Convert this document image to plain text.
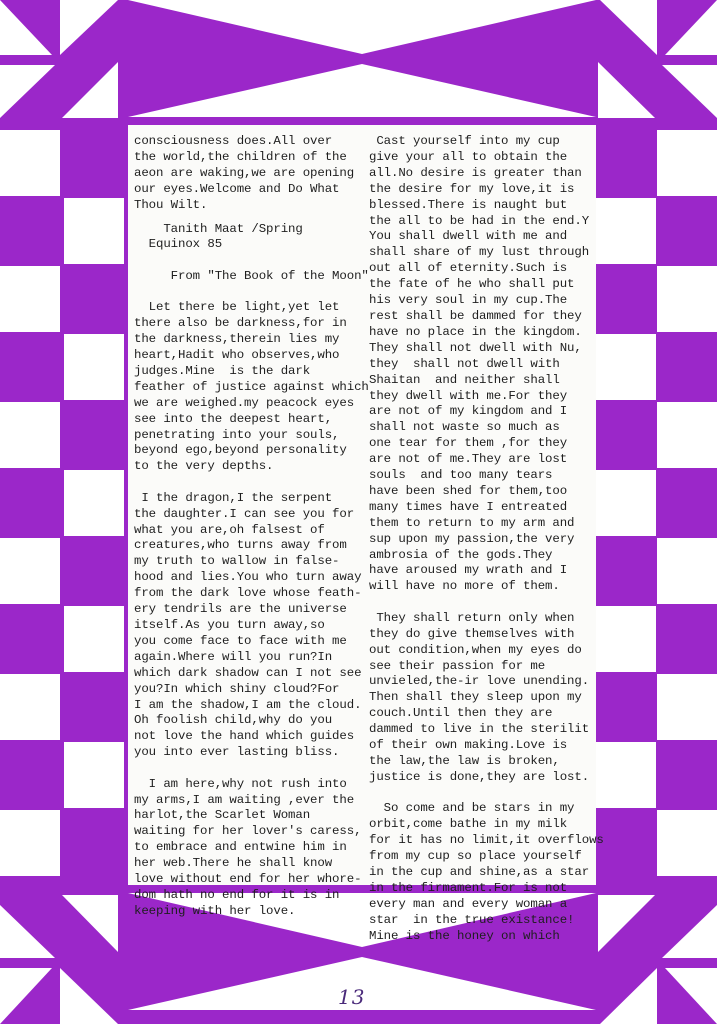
consciousness does.All over
the world,the children of the
aeon are waking,we are opening
our eyes.Welcome and Do What
Thou Wilt.

Tanith Maat /Spring
Equinox 85

From "The Book of the Moon"

Let there be light,yet let
there also be darkness,for in
the darkness,therein lies my
heart,Hadit who observes,who
judges.Mine  is the dark
feather of justice against which
we are weighed.my peacock eyes
see into the deepest heart,
penetrating into your souls,
beyond ego,beyond personality
to the very depths.

I the dragon,I the serpent
the daughter.I can see you for
what you are,oh falsest of
creatures,who turns away from
my truth to wallow in false-
hood and lies.You who turn away
from the dark love whose feath-
ery tendrils are the universe
itself.As you turn away,so
you come face to face with me
again.Where will you run?In
which dark shadow can I not see
you?In which shiny cloud?For
I am the shadow,I am the cloud.
Oh foolish child,why do you
not love the hand which guides
you into ever lasting bliss.

I am here,why not rush into
my arms,I am waiting ,ever the
harlot,the Scarlet Woman
waiting for her lover's caress,
to embrace and entwine him in
her web.There he shall know
love without end for her whore-
dom hath no end for it is in
keeping with her love.

Cast yourself into my cup
give your all to obtain the
all.No desire is greater than
the desire for my love,it is
blessed.There is naught but
the all to be had in the end.Y
You shall dwell with me and
shall share of my lust through
out all of eternity.Such is
the fate of he who shall put
his very soul in my cup.The
rest shall be dammed for they
have no place in the kingdom.
They shall not dwell with Nu,
they  shall not dwell with
Shaitan  and neither shall
they dwell with me.For they
are not of my kingdom and I
shall not waste so much as
one tear for them ,for they
are not of me.They are lost
souls  and too many tears
have been shed for them,too
many times have I entreated
them to return to my arm and
sup upon my passion,the very
ambrosia of the gods.They
have aroused my wrath and I
will have no more of them.

They shall return only when
they do give themselves with
out condition,when my eyes do
see their passion for me
unvieled,the-ir love unending.
Then shall they sleep upon my
couch.Until then they are
dammed to live in the sterilit
of their own making.Love is
the law,the law is broken,
justice is done,they are lost.

So come and be stars in my
orbit,come bathe in my milk
for it has no limit,it overflows
from my cup so place yourself
in the cup and shine,as a star
in the firmament.For is not
every man and every woman a
star  in the true existance!
Mine is the honey on which

13
